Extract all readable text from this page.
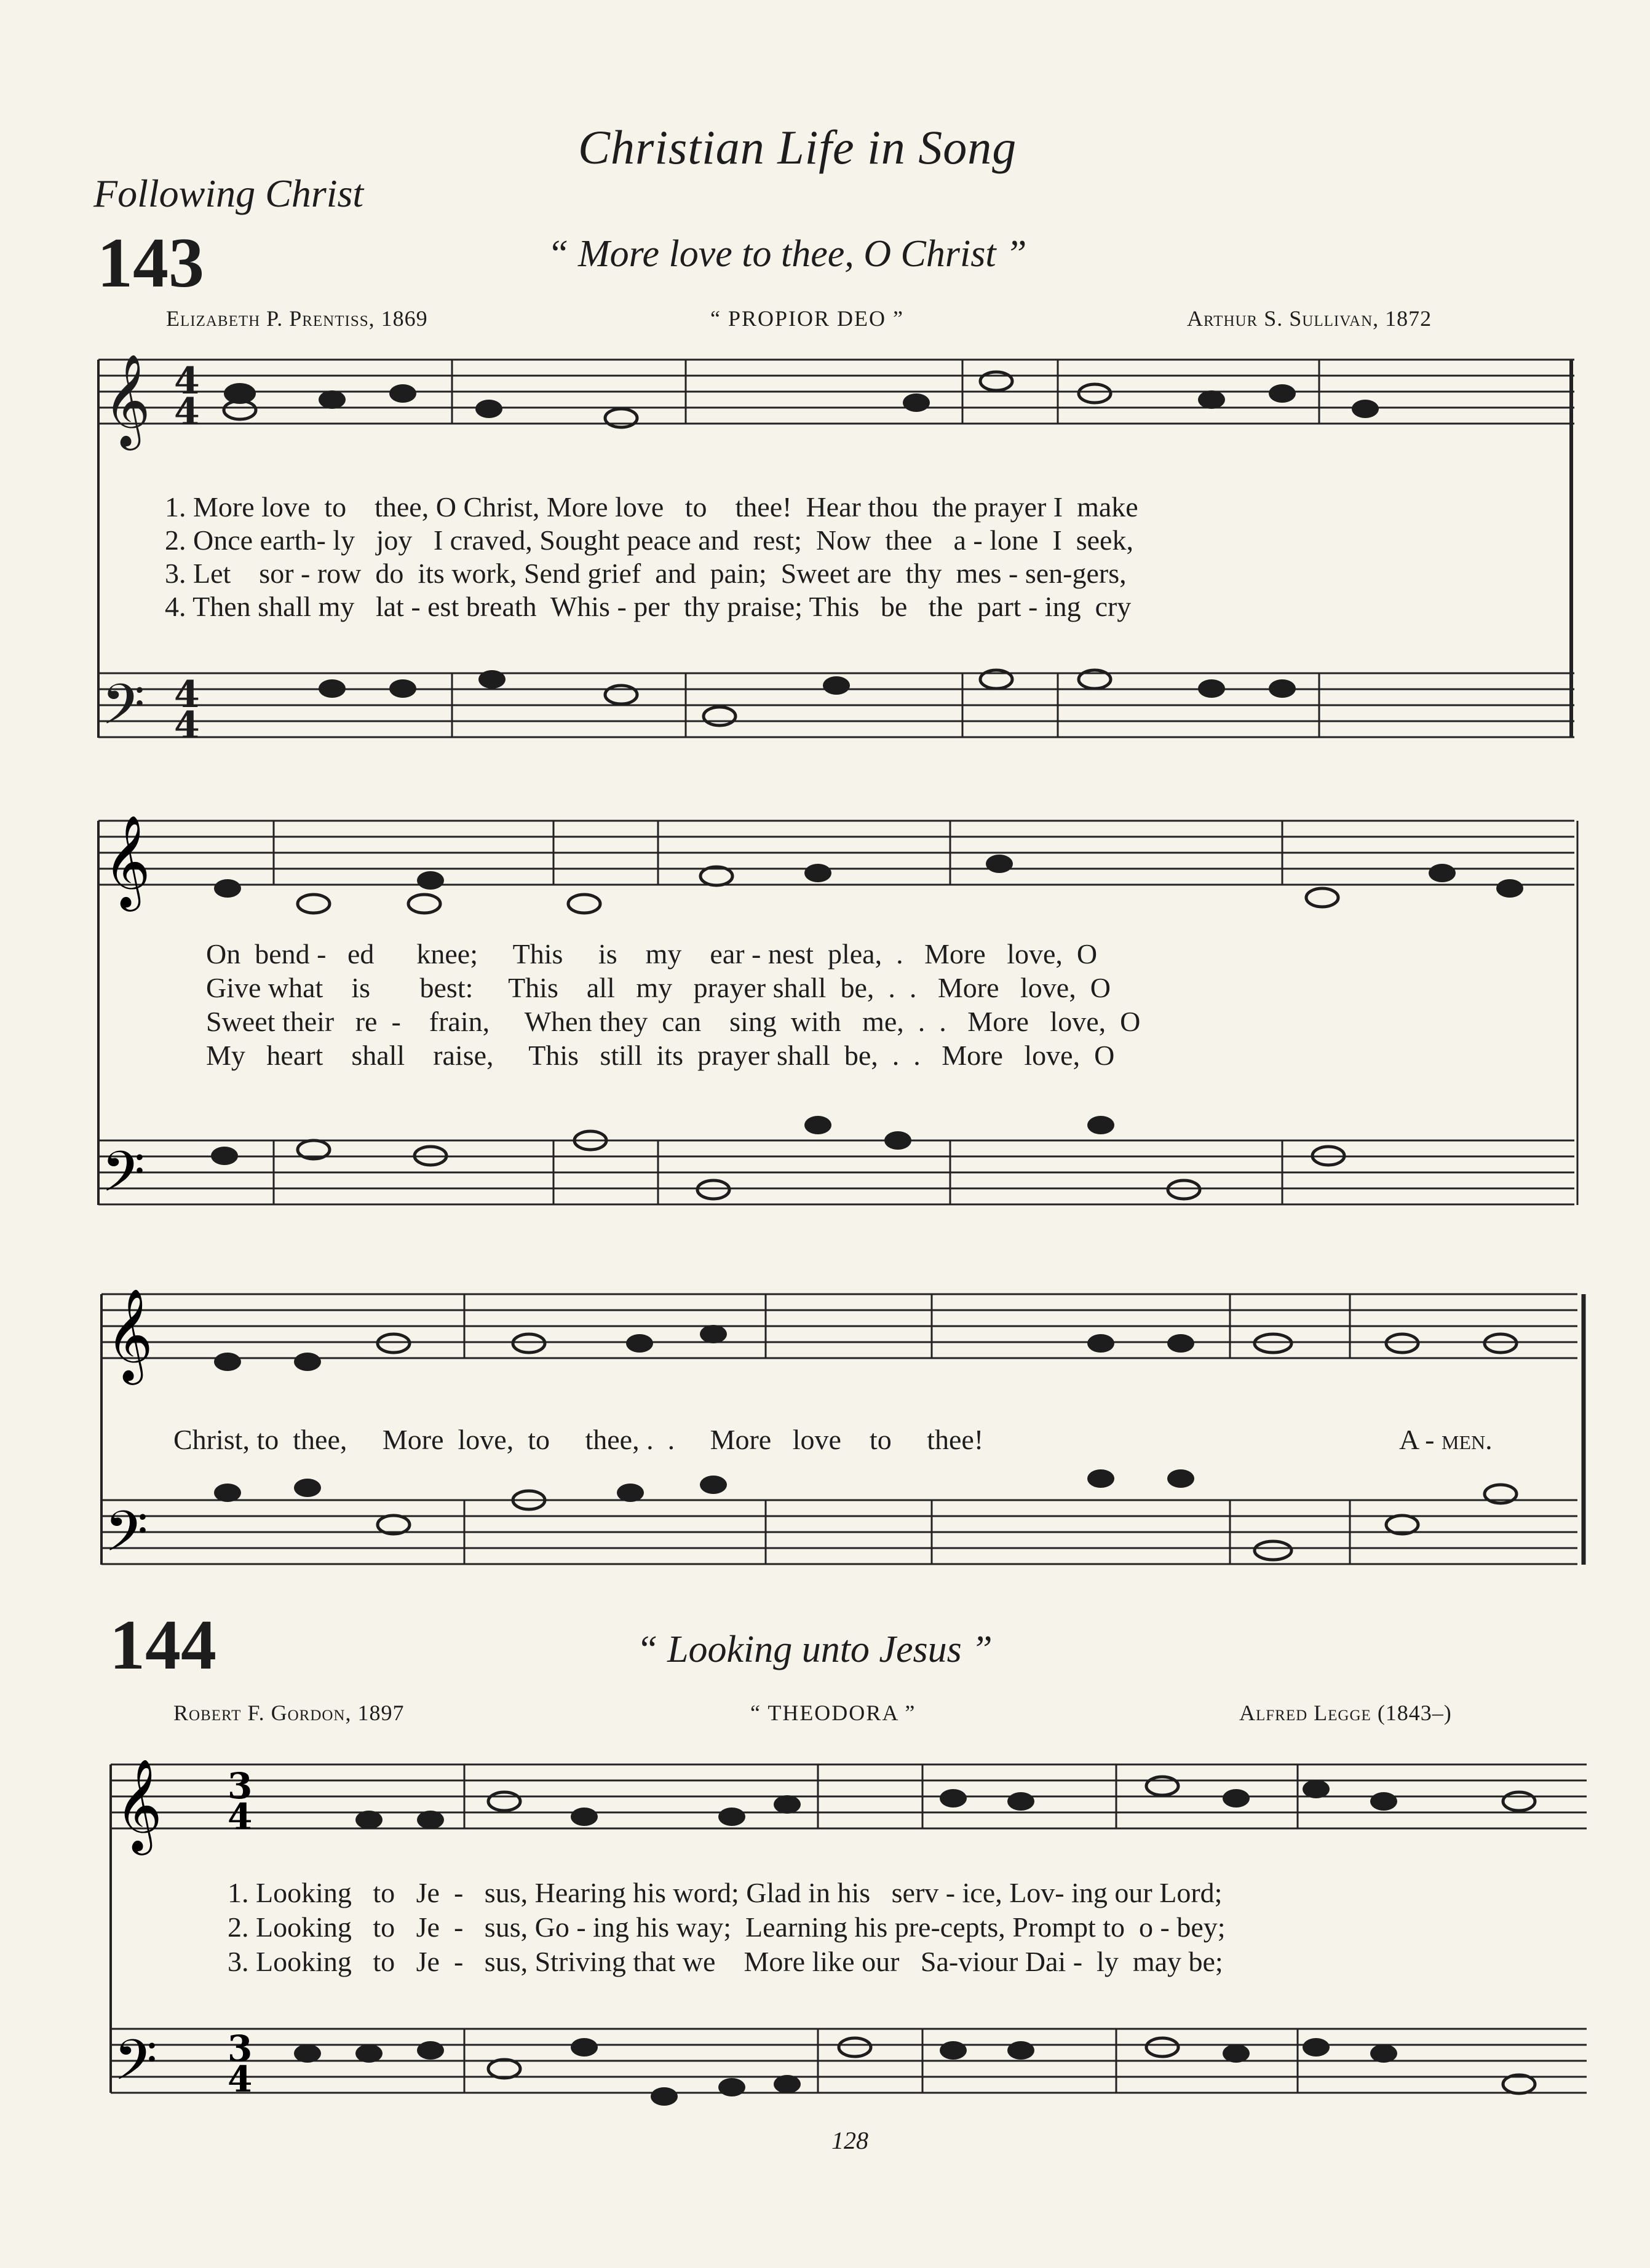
Christian Life in Song
Following Christ
143	“ More love to thee, O Christ ”
Elizabeth P. Prentiss, 1869	“ PROPIOR DEO ”	Arthur S. Sullivan, 1872
𝄞
𝄢
4
4
4
4
𝄞
𝄢
𝄞
𝄢
𝄞
𝄢
3
4
3
4
1. More love  to    thee, O Christ, More love   to    thee!  Hear thou  the prayer I  make
2. Once earth- ly   joy   I craved, Sought peace and  rest;  Now  thee   a - lone  I  seek,
3. Let    sor - row  do  its work, Send grief  and  pain;  Sweet are  thy  mes - sen-gers,
4. Then shall my   lat - est breath  Whis - per  thy praise; This   be   the  part - ing  cry
On  bend -   ed      knee;     This     is    my    ear - nest  plea,  .   More   love,  O
Give what    is       best:     This    all   my   prayer shall  be,  .  .   More   love,  O
Sweet their   re  -    frain,     When they  can    sing  with   me,  .  .   More   love,  O
My   heart    shall    raise,     This   still  its  prayer shall  be,  .  .   More   love,  O
Christ, to  thee,     More  love,  to     thee, .  .     More   love    to     thee!	A - men.
144	“ Looking unto Jesus ”
Robert F. Gordon, 1897	“ THEODORA ”	Alfred Legge (1843–)
1. Looking   to   Je  -   sus, Hearing his word; Glad in his   serv - ice, Lov- ing our Lord;
2. Looking   to   Je  -   sus, Go - ing his way;  Learning his pre-cepts, Prompt to  o - bey;
3. Looking   to   Je  -   sus, Striving that we    More like our   Sa-viour Dai -  ly  may be;
128
